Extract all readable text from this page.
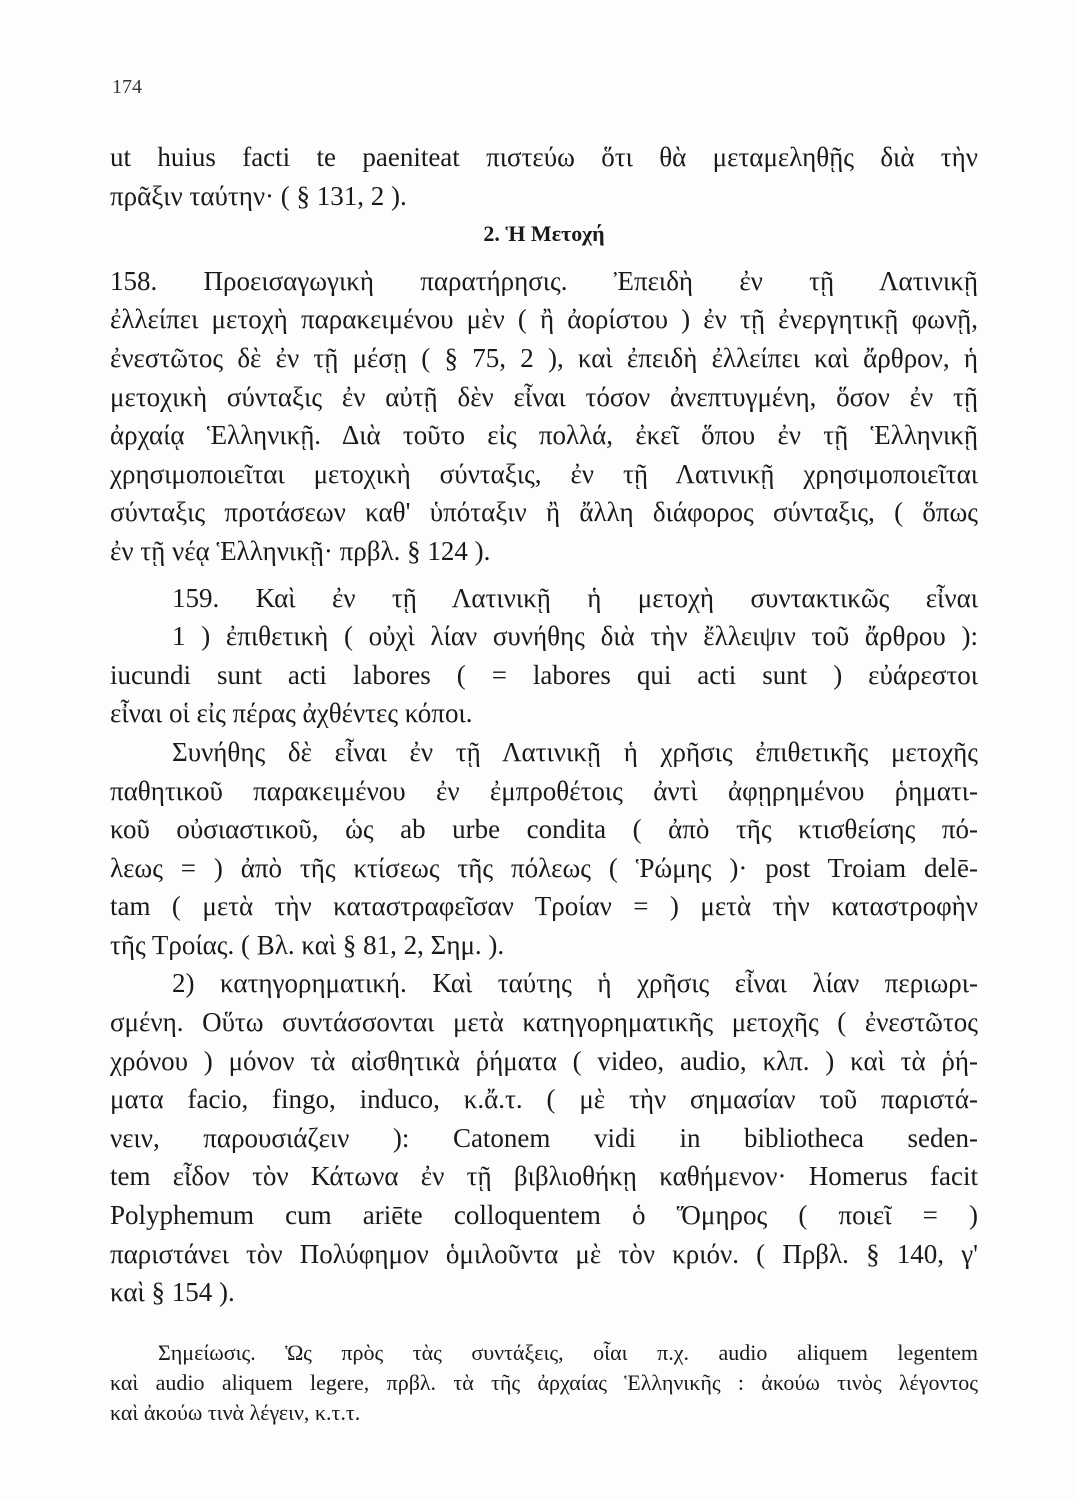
174
ut huius facti te paeniteat πιστεύω ὅτι θὰ μεταμεληθῇς διὰ τὴν
πρᾶξιν ταύτην· ( § 131, 2 ).
2. Ἡ Μετοχή
158. Προεισαγωγικὴ παρατήρησις. Ἐπειδὴ ἐν τῇ Λατινικῇ
ἐλλείπει μετοχὴ παρακειμένου μὲν ( ἢ ἀορίστου ) ἐν τῇ ἐνεργητικῇ φωνῇ,
ἐνεστῶτος δὲ ἐν τῇ μέσῃ ( § 75, 2 ), καὶ ἐπειδὴ ἐλλείπει καὶ ἄρθρον, ἡ
μετοχικὴ σύνταξις ἐν αὐτῇ δὲν εἶναι τόσον ἀνεπτυγμένη, ὅσον ἐν τῇ
ἀρχαίᾳ Ἑλληνικῇ. Διὰ τοῦτο εἰς πολλά, ἐκεῖ ὅπου ἐν τῇ Ἑλληνικῇ
χρησιμοποιεῖται μετοχικὴ σύνταξις, ἐν τῇ Λατινικῇ χρησιμοποιεῖται
σύνταξις προτάσεων καθ' ὑπόταξιν ἢ ἄλλη διάφορος σύνταξις, ( ὅπως
ἐν τῇ νέᾳ Ἑλληνικῇ· πρβλ. § 124 ).
159. Καὶ ἐν τῇ Λατινικῇ ἡ μετοχὴ συντακτικῶς εἶναι
1 ) ἐπιθετικὴ ( οὐχὶ λίαν συνήθης διὰ τὴν ἔλλειψιν τοῦ ἄρθρου ):
iucundi sunt acti labores ( = labores qui acti sunt ) εὐάρεστοι
εἶναι οἱ εἰς πέρας ἀχθέντες κόποι.
Συνήθης δὲ εἶναι ἐν τῇ Λατινικῇ ἡ χρῆσις ἐπιθετικῆς μετοχῆς
παθητικοῦ παρακειμένου ἐν ἐμπροθέτοις ἀντὶ ἀφῃρημένου ῥηματι-
κοῦ οὐσιαστικοῦ, ὡς ab urbe condita ( ἀπὸ τῆς κτισθείσης πό-
λεως = ) ἀπὸ τῆς κτίσεως τῆς πόλεως ( Ῥώμης )· post Troiam delē-
tam ( μετὰ τὴν καταστραφεῖσαν Τροίαν = ) μετὰ τὴν καταστροφὴν
τῆς Τροίας. ( Βλ. καὶ § 81, 2, Σημ. ).
2) κατηγορηματική. Καὶ ταύτης ἡ χρῆσις εἶναι λίαν περιωρι-
σμένη. Οὕτω συντάσσονται μετὰ κατηγορηματικῆς μετοχῆς ( ἐνεστῶτος
χρόνου ) μόνον τὰ αἰσθητικὰ ῥήματα ( video, audio, κλπ. ) καὶ τὰ ῥή-
ματα facio, fingo, induco, κ.ἄ.τ. ( μὲ τὴν σημασίαν τοῦ παριστά-
νειν, παρουσιάζειν ): Catonem vidi in bibliotheca seden-
tem εἶδον τὸν Κάτωνα ἐν τῇ βιβλιοθήκῃ καθήμενον· Homerus facit
Polyphemum cum ariēte colloquentem ὁ Ὅμηρος ( ποιεῖ = )
παριστάνει τὸν Πολύφημον ὁμιλοῦντα μὲ τὸν κριόν. ( Πρβλ. § 140, γ'
καὶ § 154 ).
Σημείωσις. Ὡς πρὸς τὰς συντάξεις, οἷαι π.χ. audio aliquem legentem
καὶ audio aliquem legere, πρβλ. τὰ τῆς ἀρχαίας Ἑλληνικῆς : ἀκούω τινὸς λέγοντος
καὶ ἀκούω τινὰ λέγειν, κ.τ.τ.
